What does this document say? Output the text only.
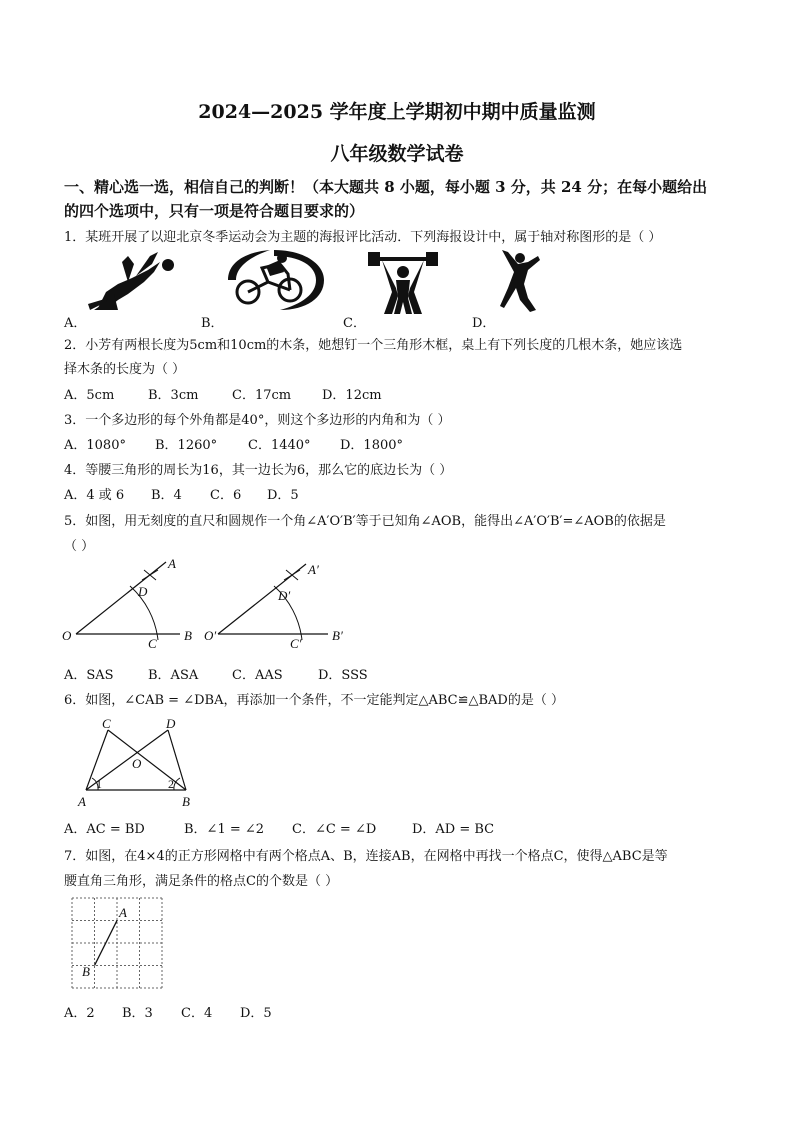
2024—2025 学年度上学期初中期中质量监测
八年级数学试卷
一、精心选一选，相信自己的判断！（本大题共 8 小题，每小题 3 分，共 24 分；在每小题给出
的四个选项中，只有一项是符合题目要求的）
1．某班开展了以迎北京冬季运动会为主题的海报评比活动．下列海报设计中，属于轴对称图形的是（ ）
A．	B．	C．	D．
2．小芳有两根长度为5cm和10cm的木条，她想钉一个三角形木框，桌上有下列长度的几根木条，她应该选
择木条的长度为（ ）
A．5cm	B．3cm	C．17cm D．12cm
3．一个多边形的每个外角都是40°，则这个多边形的内角和为（ ）
A．1080° B．1260° C．1440° D．1800°
4．等腰三角形的周长为16，其一边长为6，那么它的底边长为（ ）
A．4 或 6 B．4 C．6 D．5
5．如图，用无刻度的直尺和圆规作一个角∠A′O′B′等于已知角∠AOB，能得出∠A′O′B′=∠AOB的依据是
（ ）
A
D
O
C
B
A′
D′
O′
C′
B′
A．SAS	B．ASA	C．AAS	D．SSS
6．如图，∠CAB = ∠DBA，再添加一个条件，不一定能判定△ABC≌△BAD的是（ ）
C	D
O
1	2
A	B
A．AC = BD	B．∠1 = ∠2 C．∠C = ∠D	D．AD = BC
7．如图，在4×4的正方形网格中有两个格点A、B，连接AB，在网格中再找一个格点C，使得△ABC是等
腰直角三角形，满足条件的格点C的个数是（ ）
A
B
A．2 B．3 C．4 D．5
